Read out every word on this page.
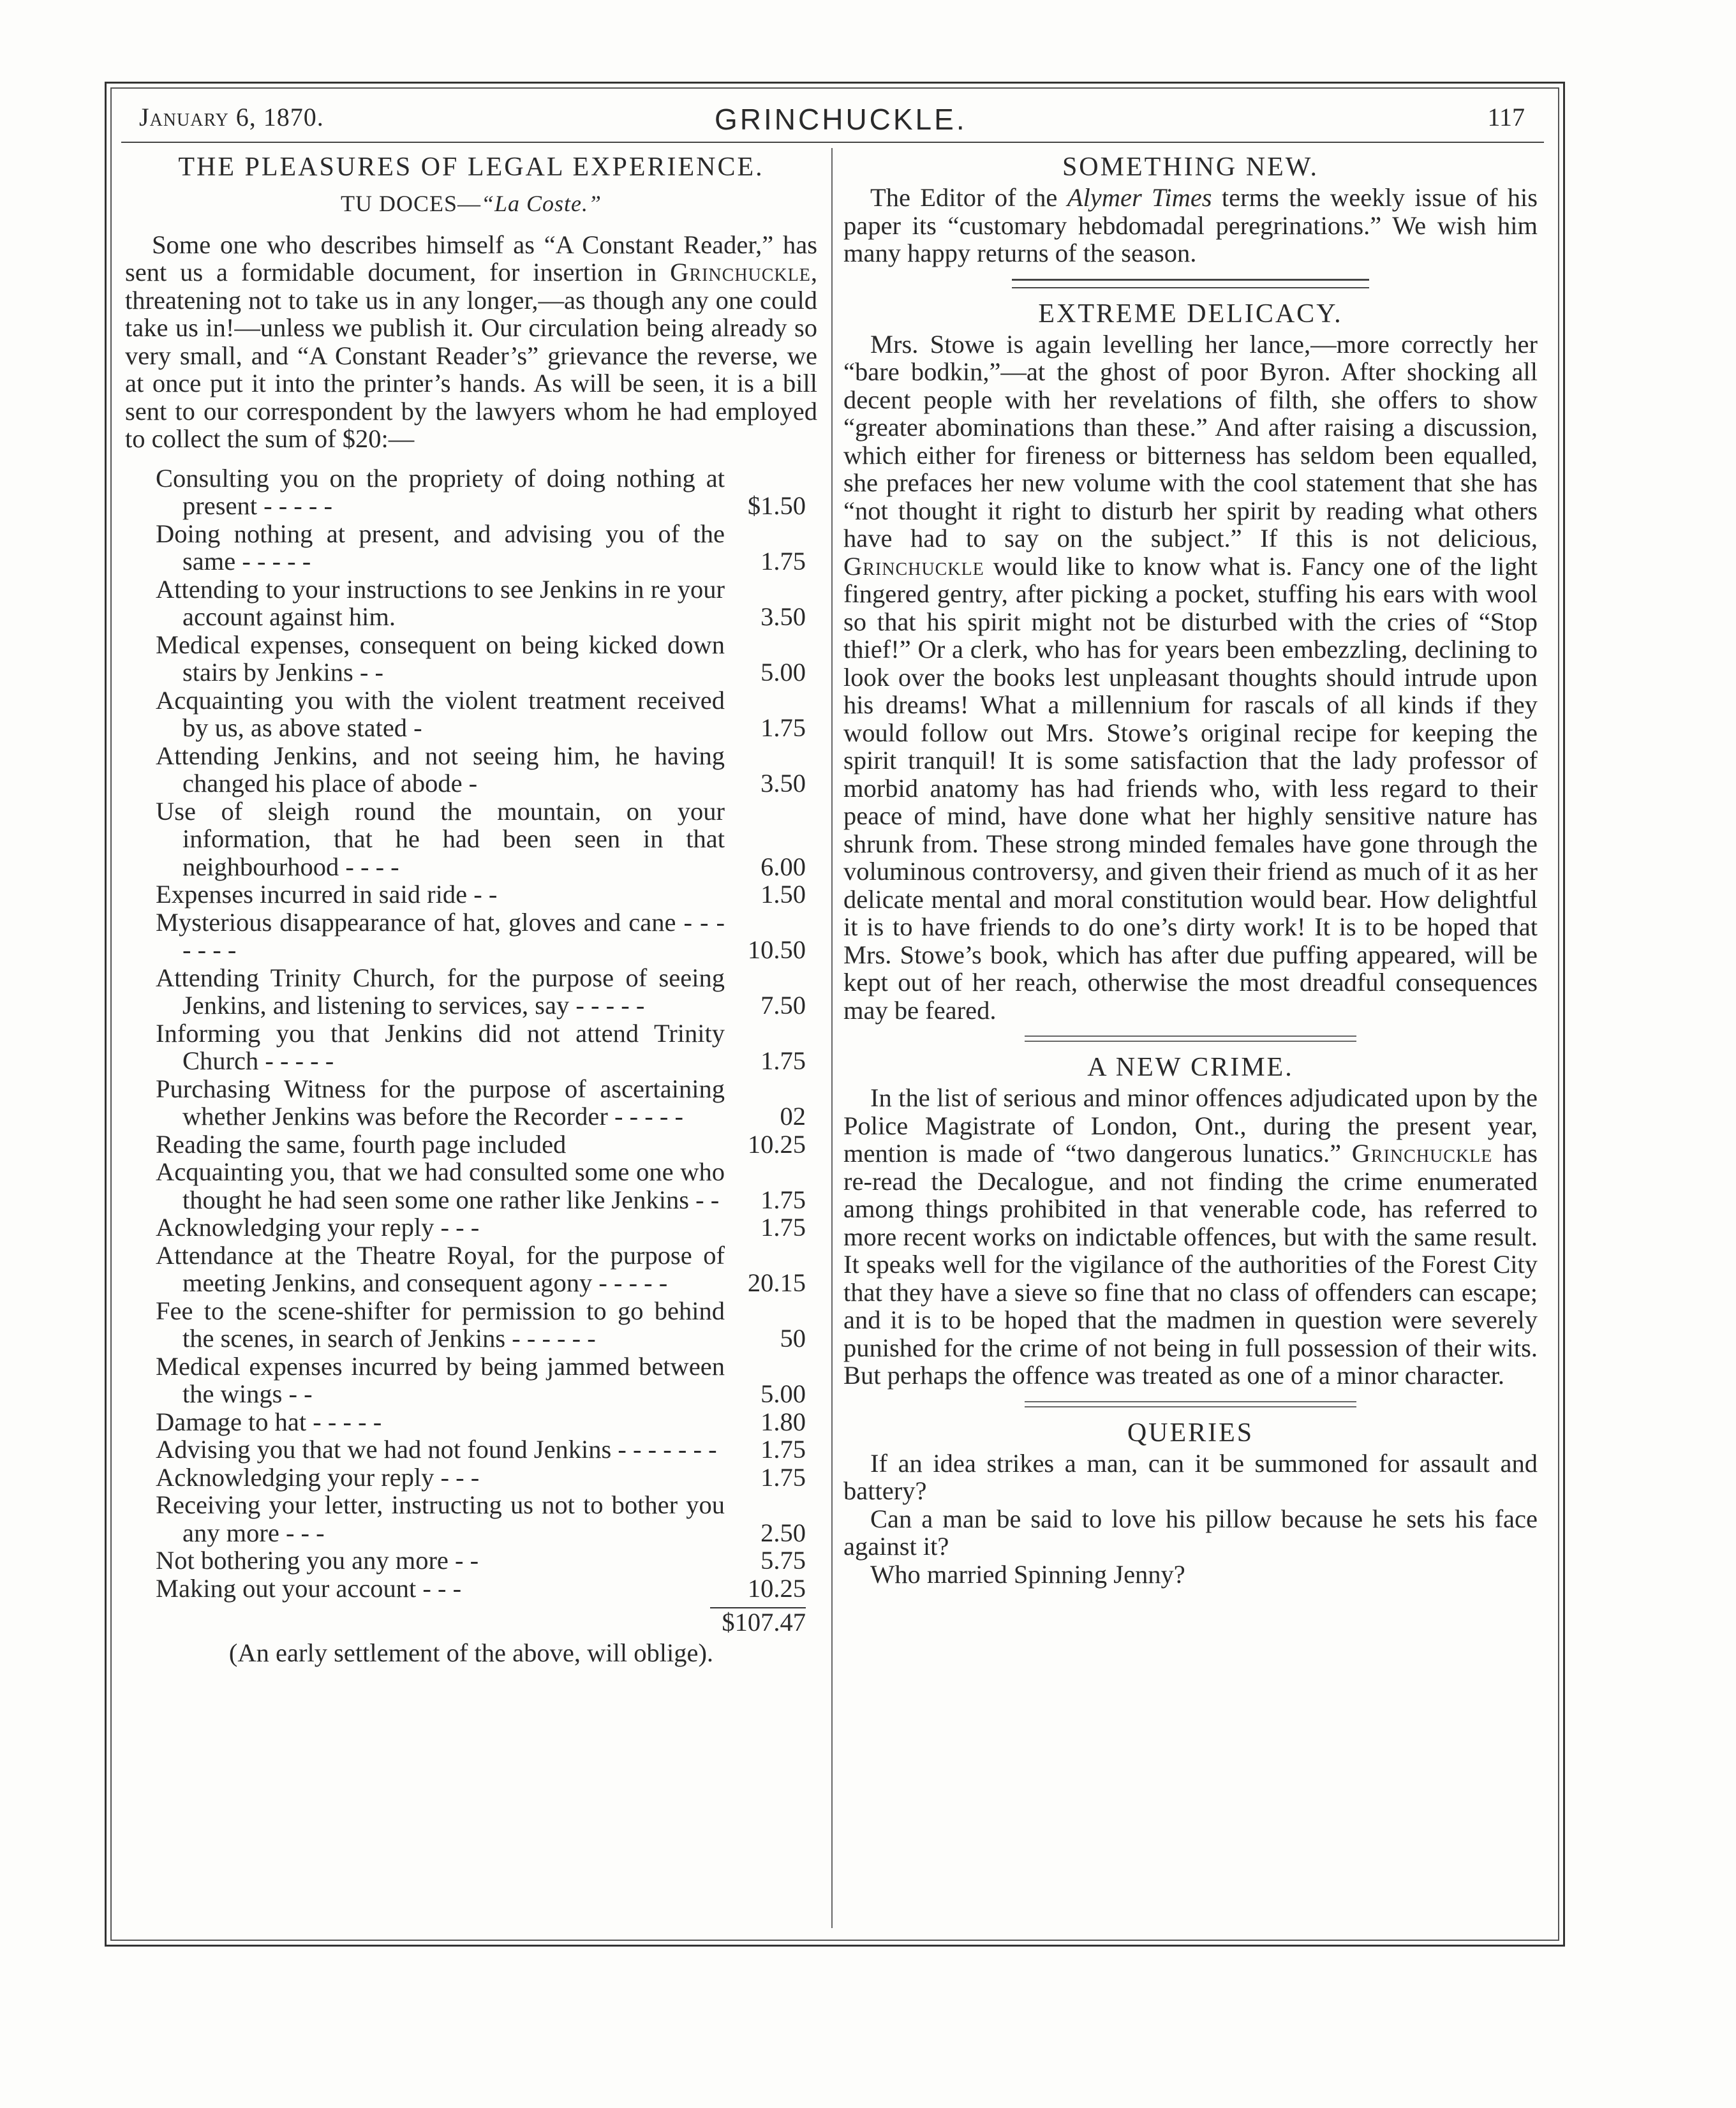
January 6, 1870.	GRINCHUCKLE.	117
THE PLEASURES OF LEGAL EXPERIENCE.
TU DOCES—“La Coste.”

Some one who describes himself as “A Constant Reader,” has sent us a formidable document, for insertion in Grinchuckle, threatening not to take us in any longer,—as though any one could take us in!—unless we publish it. Our circulation being already so very small, and “A Constant Reader’s” grievance the reverse, we at once put it into the printer’s hands. As will be seen, it is a bill sent to our correspondent by the lawyers whom he had employed to collect the sum of $20:—

Consulting you on the propriety of doing nothing at present - - - - -	$1.50
Doing nothing at present, and advising you of the same - - - - -	1.75
Attending to your instructions to see Jenkins in re your account against him.	3.50
Medical expenses, consequent on being kicked down stairs by Jenkins - -	5.00
Acquainting you with the violent treatment received by us, as above stated -	1.75
Attending Jenkins, and not seeing him, he having changed his place of abode -	3.50
Use of sleigh round the mountain, on your information, that he had been seen in that neighbourhood - - - -	6.00
Expenses incurred in said ride - -	1.50
Mysterious disappearance of hat, gloves and cane - - - - - - -	10.50
Attending Trinity Church, for the purpose of seeing Jenkins, and listening to services, say - - - - -	7.50
Informing you that Jenkins did not attend Trinity Church - - - - -	1.75
Purchasing Witness for the purpose of ascertaining whether Jenkins was before the Recorder - - - - -	02
Reading the same, fourth page included	10.25
Acquainting you, that we had consulted some one who thought he had seen some one rather like Jenkins - -	1.75
Acknowledging your reply - - -	1.75
Attendance at the Theatre Royal, for the purpose of meeting Jenkins, and consequent agony - - - - -	20.15
Fee to the scene-shifter for permission to go behind the scenes, in search of Jenkins - - - - - -	50
Medical expenses incurred by being jammed between the wings - -	5.00
Damage to hat - - - - -	1.80
Advising you that we had not found Jenkins - - - - - - -	1.75
Acknowledging your reply - - -	1.75
Receiving your letter, instructing us not to bother you any more - - -	2.50
Not bothering you any more - -	5.75
Making out your account - - -	10.25
$107.47
(An early settlement of the above, will oblige).
SOMETHING NEW.

The Editor of the Alymer Times terms the weekly issue of his paper its “customary hebdomadal peregrinations.” We wish him many happy returns of the season.

EXTREME DELICACY.

Mrs. Stowe is again levelling her lance,—more correctly her “bare bodkin,”—at the ghost of poor Byron. After shocking all decent people with her revelations of filth, she offers to show “greater abominations than these.” And after raising a discussion, which either for fireness or bitterness has seldom been equalled, she prefaces her new volume with the cool statement that she has “not thought it right to disturb her spirit by reading what others have had to say on the subject.” If this is not delicious, Grinchuckle would like to know what is. Fancy one of the light fingered gentry, after picking a pocket, stuffing his ears with wool so that his spirit might not be disturbed with the cries of “Stop thief!” Or a clerk, who has for years been embezzling, declining to look over the books lest unpleasant thoughts should intrude upon his dreams! What a millennium for rascals of all kinds if they would follow out Mrs. Stowe’s original recipe for keeping the spirit tranquil! It is some satisfaction that the lady professor of morbid anatomy has had friends who, with less regard to their peace of mind, have done what her highly sensitive nature has shrunk from. These strong minded females have gone through the voluminous controversy, and given their friend as much of it as her delicate mental and moral constitution would bear. How delightful it is to have friends to do one’s dirty work! It is to be hoped that Mrs. Stowe’s book, which has after due puffing appeared, will be kept out of her reach, otherwise the most dreadful consequences may be feared.

A NEW CRIME.

In the list of serious and minor offences adjudicated upon by the Police Magistrate of London, Ont., during the present year, mention is made of “two dangerous lunatics.” Grinchuckle has re-read the Decalogue, and not finding the crime enumerated among things prohibited in that venerable code, has referred to more recent works on indictable offences, but with the same result. It speaks well for the vigilance of the authorities of the Forest City that they have a sieve so fine that no class of offenders can escape; and it is to be hoped that the madmen in question were severely punished for the crime of not being in full possession of their wits. But perhaps the offence was treated as one of a minor character.

QUERIES

If an idea strikes a man, can it be summoned for assault and battery?

Can a man be said to love his pillow because he sets his face against it?

Who married Spinning Jenny?
